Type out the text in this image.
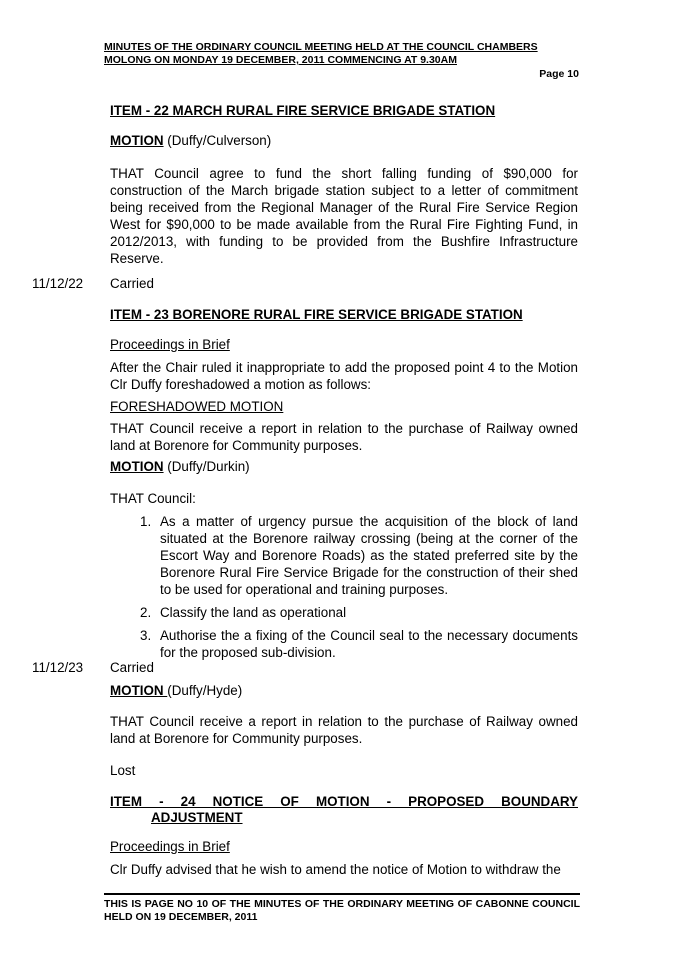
MINUTES OF THE ORDINARY COUNCIL MEETING HELD AT THE COUNCIL CHAMBERS
MOLONG ON MONDAY 19 DECEMBER, 2011 COMMENCING AT 9.30AM
Page 10
ITEM - 22 MARCH RURAL FIRE SERVICE BRIGADE STATION
MOTION (Duffy/Culverson)
THAT Council agree to fund the short falling funding of $90,000 for construction of the March brigade station subject to a letter of commitment being received from the Regional Manager of the Rural Fire Service Region West for $90,000 to be made available from the Rural Fire Fighting Fund, in 2012/2013, with funding to be provided from the Bushfire Infrastructure Reserve.
11/12/22 Carried
ITEM - 23 BORENORE RURAL FIRE SERVICE BRIGADE STATION
Proceedings in Brief
After the Chair ruled it inappropriate to add the proposed point 4 to the Motion Clr Duffy foreshadowed a motion as follows:
FORESHADOWED MOTION
THAT Council receive a report in relation to the purchase of Railway owned land at Borenore for Community purposes.
MOTION (Duffy/Durkin)
THAT Council:
1. As a matter of urgency pursue the acquisition of the block of land situated at the Borenore railway crossing (being at the corner of the Escort Way and Borenore Roads) as the stated preferred site by the Borenore Rural Fire Service Brigade for the construction of their shed to be used for operational and training purposes.
2. Classify the land as operational
3. Authorise the a fixing of the Council seal to the necessary documents for the proposed sub-division.
11/12/23 Carried
MOTION (Duffy/Hyde)
THAT Council receive a report in relation to the purchase of Railway owned land at Borenore for Community purposes.
Lost
ITEM - 24 NOTICE OF MOTION - PROPOSED BOUNDARY
ADJUSTMENT
Proceedings in Brief
Clr Duffy advised that he wish to amend the notice of Motion to withdraw the
THIS IS PAGE NO 10 OF THE MINUTES OF THE ORDINARY MEETING OF CABONNE COUNCIL HELD ON 19 DECEMBER, 2011
